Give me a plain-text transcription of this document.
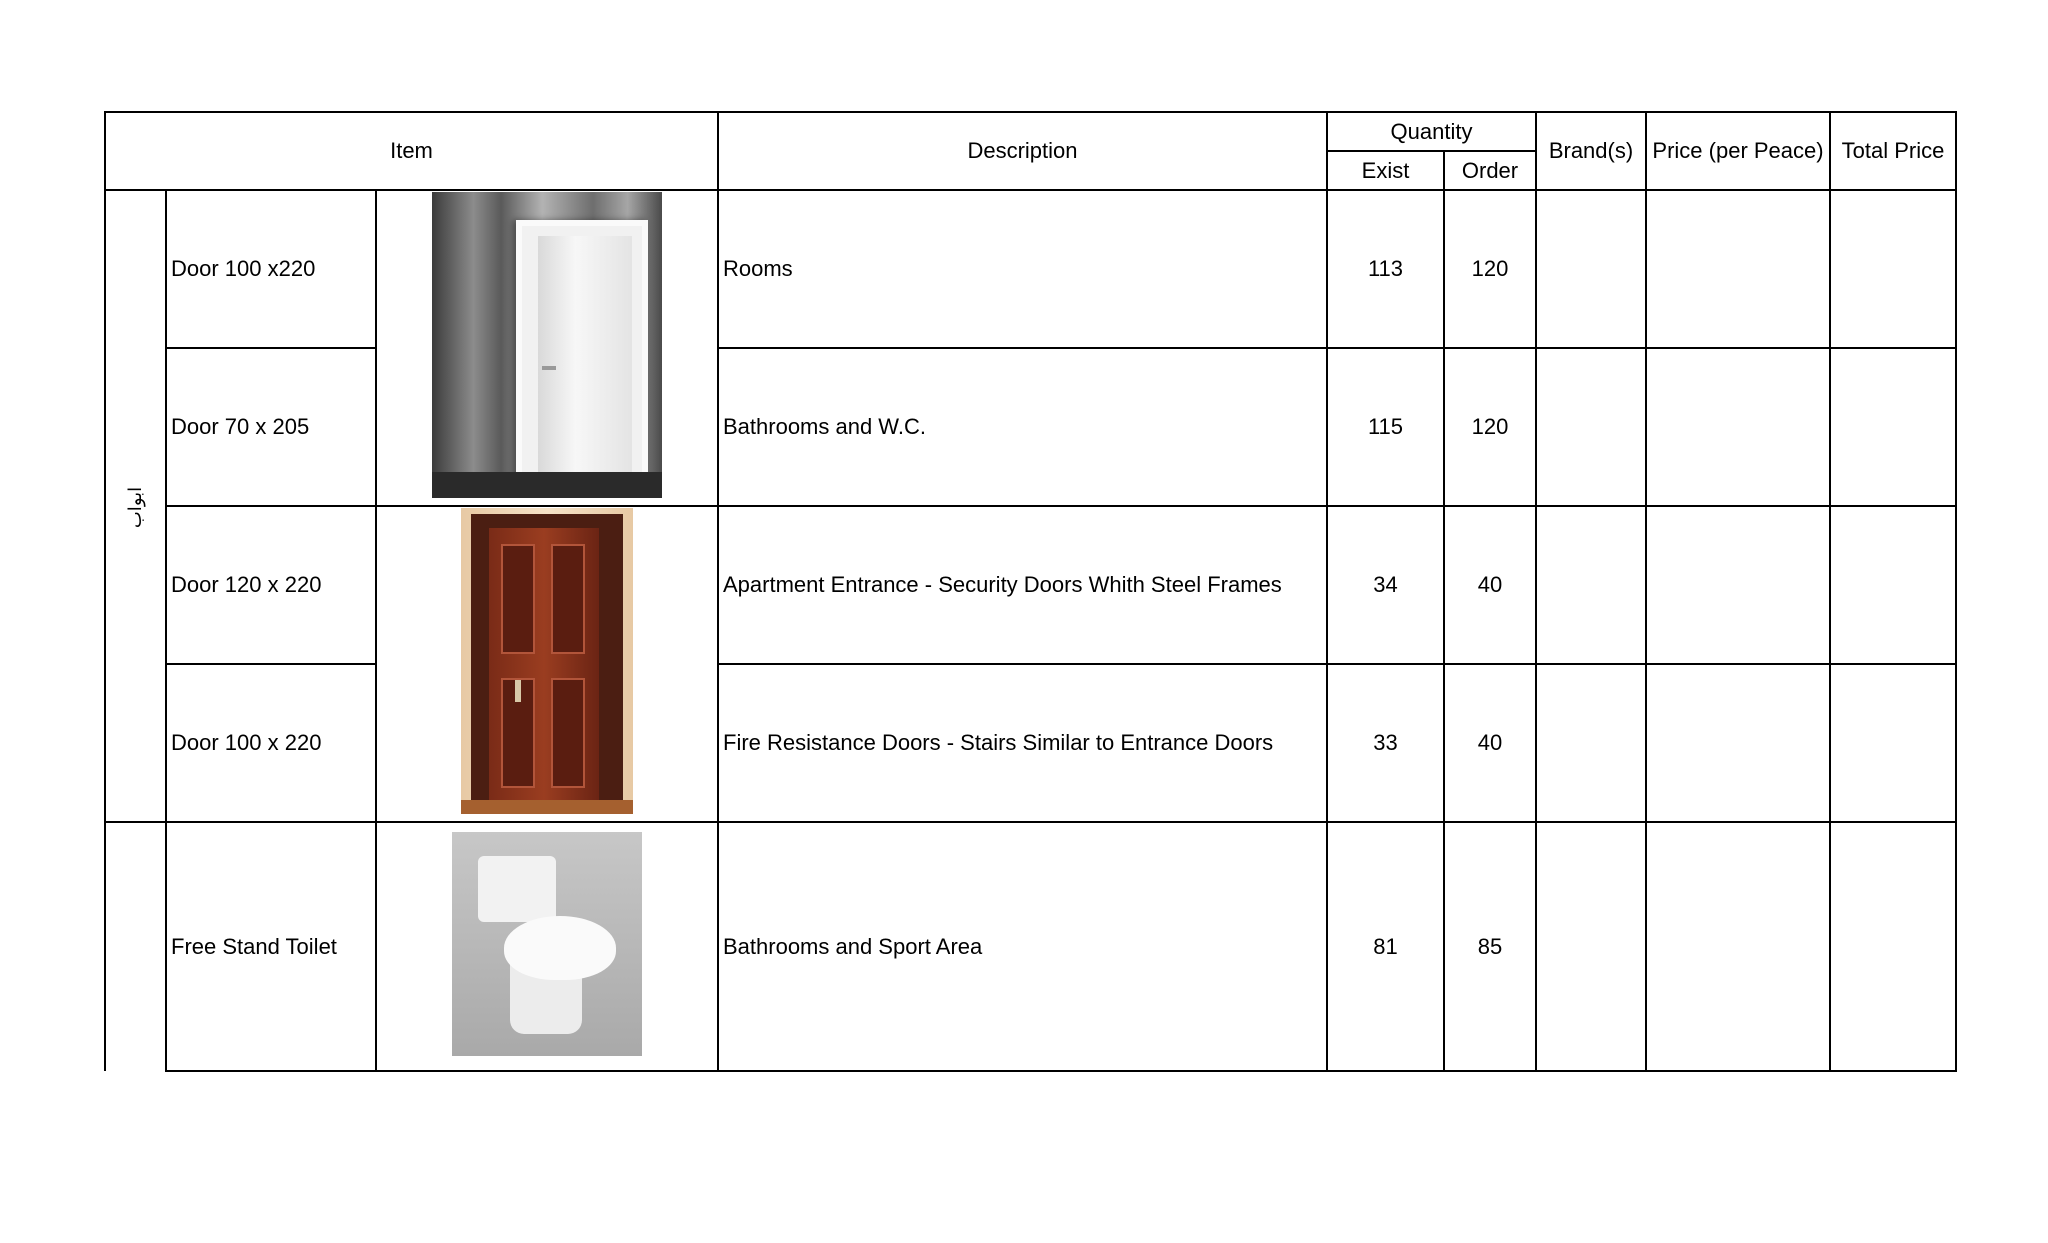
Item			Description	Quantity		Brand(s)	Price (per Peace)	Total Price
				Exist	Order			
ابواب	Door 100 x220		Rooms	113	120			
	Door 70 x 205		Bathrooms and W.C.	115	120			
	Door 120 x 220		Apartment Entrance - Security Doors Whith Steel Frames	34	40			
	Door 100 x 220		Fire Resistance Doors - Stairs Similar to Entrance Doors	33	40			
	Free Stand Toilet		Bathrooms and Sport Area	81	85			
